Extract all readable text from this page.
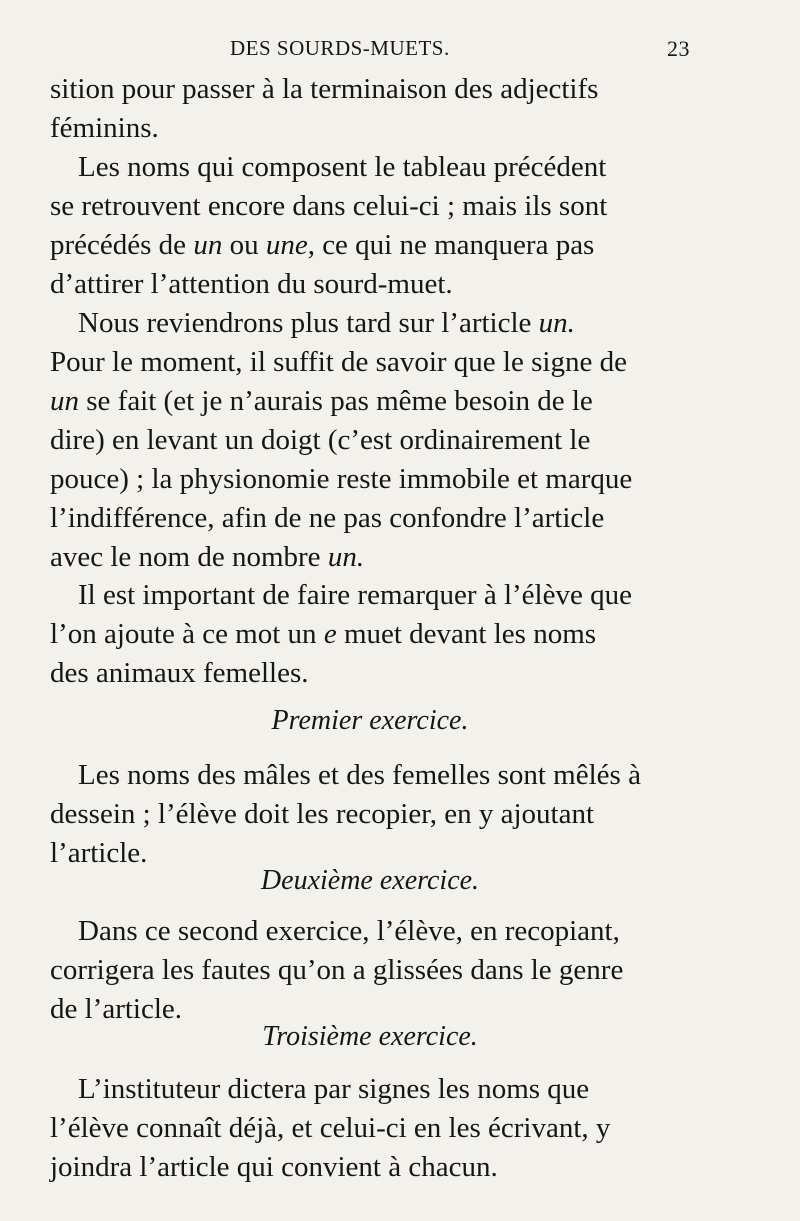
DES SOURDS-MUETS.	23
sition pour passer à la terminaison des adjectifs
féminins.
Les noms qui composent le tableau précédent
se retrouvent encore dans celui-ci ; mais ils sont
précédés de un ou une, ce qui ne manquera pas
d’attirer l’attention du sourd-muet.
Nous reviendrons plus tard sur l’article un.
Pour le moment, il suffit de savoir que le signe de
un se fait (et je n’aurais pas même besoin de le
dire) en levant un doigt (c’est ordinairement le
pouce) ; la physionomie reste immobile et marque
l’indifférence, afin de ne pas confondre l’article
avec le nom de nombre un.
Il est important de faire remarquer à l’élève que
l’on ajoute à ce mot un e muet devant les noms
des animaux femelles.
Premier exercice.
Les noms des mâles et des femelles sont mêlés à
dessein ; l’élève doit les recopier, en y ajoutant
l’article.
Deuxième exercice.
Dans ce second exercice, l’élève, en recopiant,
corrigera les fautes qu’on a glissées dans le genre
de l’article.
Troisième exercice.
L’instituteur dictera par signes les noms que
l’élève connaît déjà, et celui-ci en les écrivant, y
joindra l’article qui convient à chacun.
